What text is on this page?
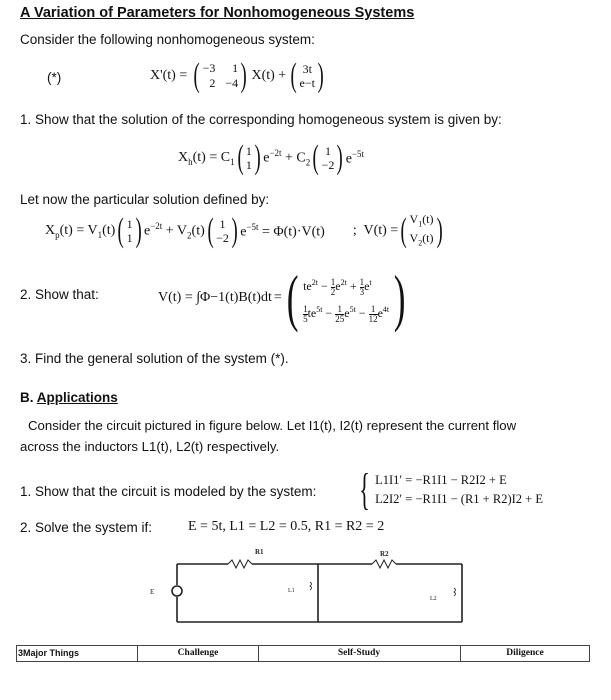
A Variation of Parameters for Nonhomogeneous Systems
Consider the following nonhomogeneous system:
(*)	X'(t) = ( −3	1
2 −4 ) X(t) + ( 3t
e−t )
1. Show that the solution of the corresponding homogeneous system is given by:
$X_h(t) = C_1$ ( 1
1 ) $e^{-2t} + C_2$ ( 1
−2 ) $e^{-5t}$
Let now the particular solution defined by:
$X_p(t) = V_1(t)$ ( 1
1 ) $e^{-2t} + V_2(t)$ ( 1
−2 ) $e^{-5t} = \Phi(t)\cdot V(t)$ ;  V(t) = ( $V_1(t)$
$V_2(t)$ )
2. Show that:	V(t) = ∫Φ−1(t)B(t)dt = ( $te^{2t} - \frac{1}{2} e^{2t} + \frac{1}{3} e^t$
$\frac{1}{5} te^{5t} - \frac{1}{25} e^{5t} - \frac{1}{12} e^{4t}$ )
3. Find the general solution of the system (*).
B. Applications
Consider the circuit pictured in figure below. Let I1(t), I2(t) represent the current flow
across the inductors L1(t), L2(t) respectively.
1. Show that the circuit is modeled by the system: { L1I1′ = −R1I1 − R2I2 + E
L2I2′ = −R1I1 − (R1 + R2)I2 + E
2. Solve the system if:	E = 5t, L1 = L2 = 0.5, R1 = R2 = 2
R1	R2
E	L1
L2
3Major Things	Challenge	Self-Study	Diligence
